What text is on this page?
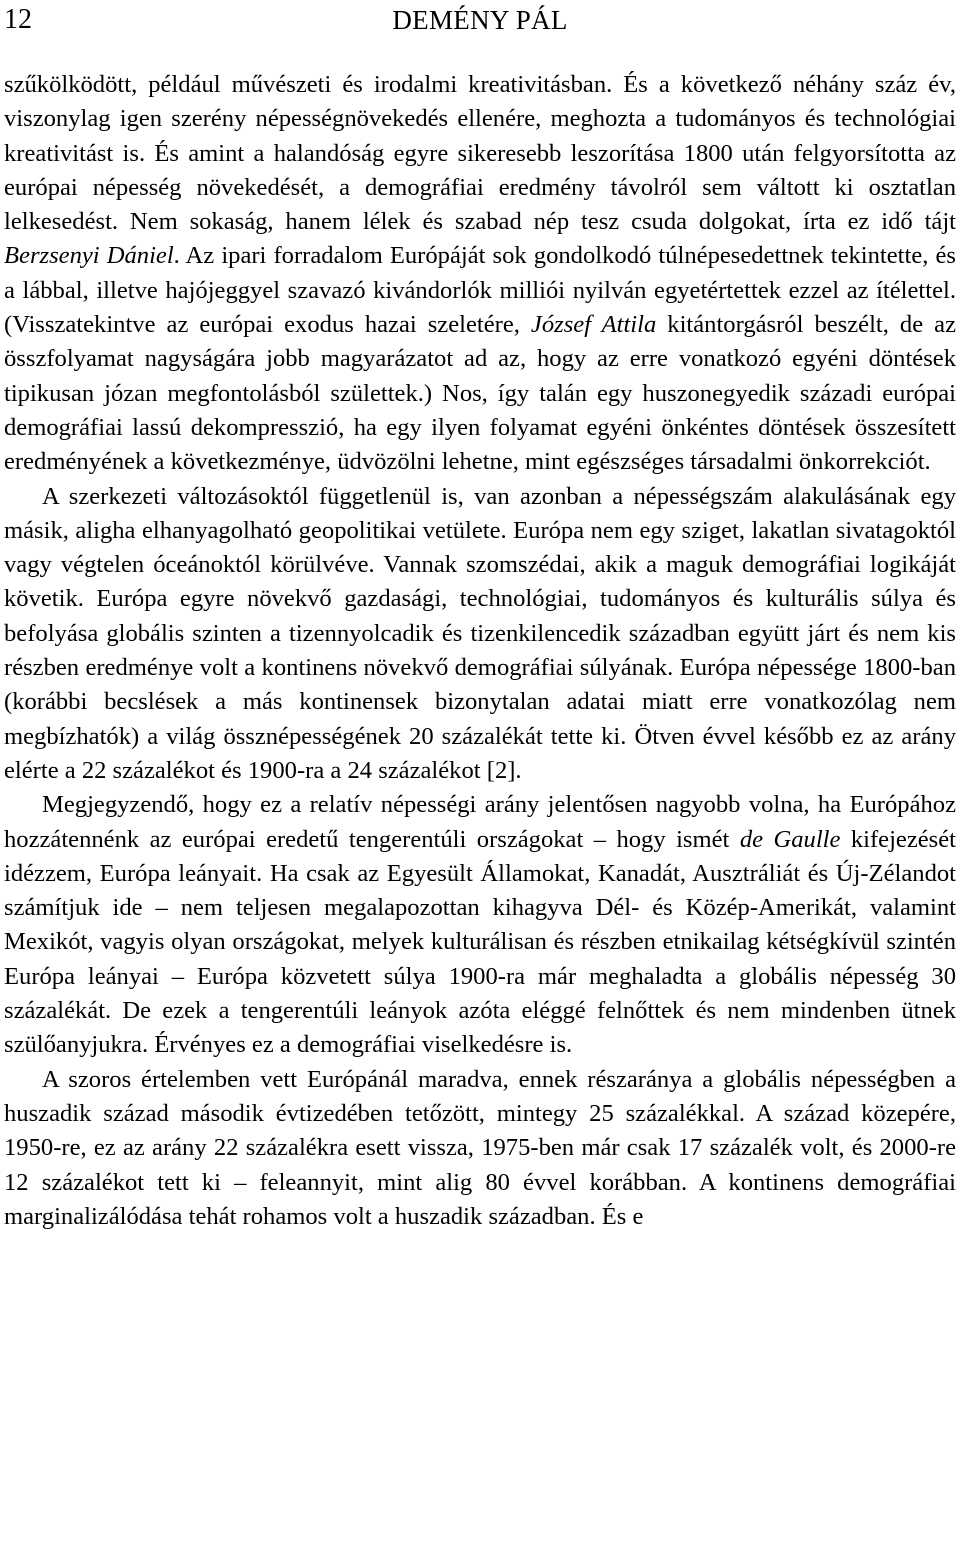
12	DEMÉNY PÁL

szűkölködött, például művészeti és irodalmi kreativitásban. És a következő néhány száz év, viszonylag igen szerény népességnövekedés ellenére, meghozta a tudományos és technológiai kreativitást is. És amint a halandóság egyre sikeresebb leszorítása 1800 után felgyorsította az európai népesség növekedését, a demográfiai eredmény távolról sem váltott ki osztatlan lelkesedést. Nem sokaság, hanem lélek és szabad nép tesz csuda dolgokat, írta ez idő tájt Berzsenyi Dániel. Az ipari forradalom Európáját sok gondolkodó túlnépesedettnek tekintette, és a lábbal, illetve hajójeggyel szavazó kivándorlók milliói nyilván egyetértettek ezzel az ítélettel. (Visszatekintve az európai exodus hazai szeletére, József Attila kitántorgásról beszélt, de az összfolyamat nagyságára jobb magyarázatot ad az, hogy az erre vonatkozó egyéni döntések tipikusan józan megfontolásból születtek.) Nos, így talán egy huszonegyedik századi európai demográfiai lassú dekompresszió, ha egy ilyen folyamat egyéni önkéntes döntések összesített eredményének a következménye, üdvözölni lehetne, mint egészséges társadalmi önkorrekciót.

A szerkezeti változásoktól függetlenül is, van azonban a népességszám alakulásának egy másik, aligha elhanyagolható geopolitikai vetülete. Európa nem egy sziget, lakatlan sivatagoktól vagy végtelen óceánoktól körülvéve. Vannak szomszédai, akik a maguk demográfiai logikáját követik. Európa egyre növekvő gazdasági, technológiai, tudományos és kulturális súlya és befolyása globális szinten a tizennyolcadik és tizenkilencedik században együtt járt és nem kis részben eredménye volt a kontinens növekvő demográfiai súlyának. Európa népessége 1800-ban (korábbi becslések a más kontinensek bizonytalan adatai miatt erre vonatkozólag nem megbízhatók) a világ össznépességének 20 százalékát tette ki. Ötven évvel később ez az arány elérte a 22 százalékot és 1900-ra a 24 százalékot [2].

Megjegyzendő, hogy ez a relatív népességi arány jelentősen nagyobb volna, ha Európához hozzátennénk az európai eredetű tengerentúli országokat – hogy ismét de Gaulle kifejezését idézzem, Európa leányait. Ha csak az Egyesült Államokat, Kanadát, Ausztráliát és Új-Zélandot számítjuk ide – nem teljesen megalapozottan kihagyva Dél- és Közép-Amerikát, valamint Mexikót, vagyis olyan országokat, melyek kulturálisan és részben etnikailag kétségkívül szintén Európa leányai – Európa közvetett súlya 1900-ra már meghaladta a globális népesség 30 százalékát. De ezek a tengerentúli leányok azóta eléggé felnőttek és nem mindenben ütnek szülőanyjukra. Érvényes ez a demográfiai viselkedésre is.

A szoros értelemben vett Európánál maradva, ennek részaránya a globális népességben a huszadik század második évtizedében tetőzött, mintegy 25 százalékkal. A század közepére, 1950-re, ez az arány 22 százalékra esett vissza, 1975-ben már csak 17 százalék volt, és 2000-re 12 százalékot tett ki – feleannyit, mint alig 80 évvel korábban. A kontinens demográfiai marginalizálódása tehát rohamos volt a huszadik században. És e
